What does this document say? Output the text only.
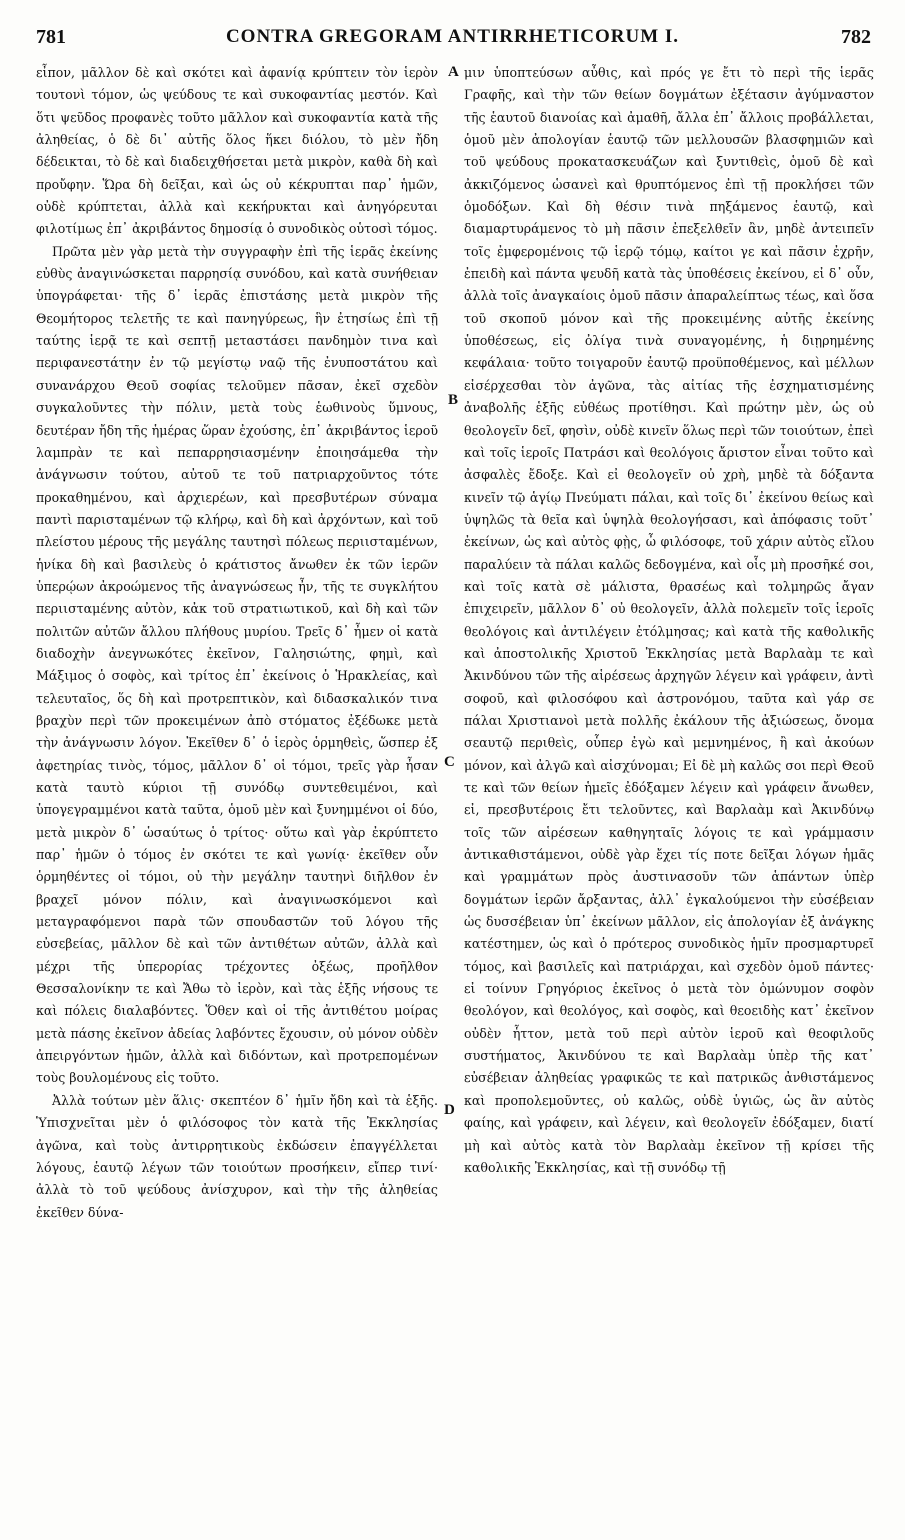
781	CONTRA GREGORAM ANTIRRHETICORUM I.	782

εἶπον, μᾶλλον δὲ καὶ σκότει καὶ ἀφανίᾳ κρύπτειν τὸν ἱερὸν τουτονὶ τόμον, ὡς ψεύδους τε καὶ συκοφαντίας μεστόν. Καὶ ὅτι ψεῦδος προφανὲς τοῦτο μᾶλλον καὶ συκοφαντία κατὰ τῆς ἀληθείας, ὁ δὲ δι᾽ αὐτῆς ὅλος ἥκει διόλου, τὸ μὲν ἤδη δέδεικται, τὸ δὲ καὶ διαδειχθήσεται μετὰ μικρὸν, καθὰ δὴ καὶ προὔφην. Ὥρα δὴ δεῖξαι, καὶ ὡς οὐ κέκρυπται παρ᾽ ἡμῶν, οὐδὲ κρύπτεται, ἀλλὰ καὶ κεκήρυκται καὶ ἀνηγόρευται φιλοτίμως ἐπ᾽ ἀκριβάντος δημοσίᾳ ὁ συνοδικὸς οὑτοσὶ τόμος.

Πρῶτα μὲν γὰρ μετὰ τὴν συγγραφὴν ἐπὶ τῆς ἱερᾶς ἐκείνης εὐθὺς ἀναγινώσκεται παρρησίᾳ συνόδου, καὶ κατὰ συνήθειαν ὑπογράφεται· τῆς δ᾽ ἱερᾶς ἐπιστάσης μετὰ μικρὸν τῆς Θεομήτορος τελετῆς τε καὶ πανηγύρεως, ἣν ἐτησίως ἐπὶ τῇ ταύτης ἱερᾷ τε καὶ σεπτῇ μεταστάσει πανδημὸν τινα καὶ περιφανεστάτην ἐν τῷ μεγίστῳ ναῷ τῆς ἐνυποστάτου καὶ συνανάρχου Θεοῦ σοφίας τελοῦμεν πᾶσαν, ἐκεῖ σχεδὸν συγκαλοῦντες τὴν πόλιν, μετὰ τοὺς ἑωθινοὺς ὕμνους, δευτέραν ἤδη τῆς ἡμέρας ὥραν ἐχούσης, ἐπ᾽ ἀκριβάντος ἱεροῦ λαμπρὰν τε καὶ πεπαρρησιασμένην ἐποιησάμεθα τὴν ἀνάγνωσιν τούτου, αὐτοῦ τε τοῦ πατριαρχοῦντος τότε προκαθημένου, καὶ ἀρχιερέων, καὶ πρεσβυτέρων σύναμα παντὶ παρισταμένων τῷ κλήρῳ, καὶ δὴ καὶ ἀρχόντων, καὶ τοῦ πλείστου μέρους τῆς μεγάλης ταυτησὶ πόλεως περιισταμένων, ἡνίκα δὴ καὶ βασιλεὺς ὁ κράτιστος ἄνωθεν ἐκ τῶν ἱερῶν ὑπερῴων ἀκροώμενος τῆς ἀναγνώσεως ἦν, τῆς τε συγκλήτου περιισταμένης αὐτὸν, κἀκ τοῦ στρατιωτικοῦ, καὶ δὴ καὶ τῶν πολιτῶν αὐτῶν ἄλλου πλήθους μυρίου. Τρεῖς δ᾽ ἦμεν οἱ κατὰ διαδοχὴν ἀνεγνωκότες ἐκεῖνον, Γαλησιώτης, φημὶ, καὶ Μάξιμος ὁ σοφὸς, καὶ τρίτος ἐπ᾽ ἐκείνοις ὁ Ἡρακλείας, καὶ τελευταῖος, ὅς δὴ καὶ προτρεπτικὸν, καὶ διδασκαλικόν τινα βραχὺν περὶ τῶν προκειμένων ἀπὸ στόματος ἐξέδωκε μετὰ τὴν ἀνάγνωσιν λόγον. Ἐκεῖθεν δ᾽ ὁ ἱερὸς ὁρμηθεὶς, ὥσπερ ἐξ ἀφετηρίας τινὸς, τόμος, μᾶλλον δ᾽ οἱ τόμοι, τρεῖς γὰρ ἦσαν κατὰ ταυτὸ κύριοι τῇ συνόδῳ συντεθειμένοι, καὶ ὑπογεγραμμένοι κατὰ ταῦτα, ὁμοῦ μὲν καὶ ξυνημμένοι οἱ δύο, μετὰ μικρὸν δ᾽ ὡσαύτως ὁ τρίτος· οὕτω καὶ γὰρ ἐκρύπτετο παρ᾽ ἡμῶν ὁ τόμος ἐν σκότει τε καὶ γωνίᾳ· ἐκεῖθεν οὖν ὁρμηθέντες οἱ τόμοι, οὐ τὴν μεγάλην ταυτηνὶ διῆλθον ἐν βραχεῖ μόνον πόλιν, καὶ ἀναγινωσκόμενοι καὶ μεταγραφόμενοι παρὰ τῶν σπουδαστῶν τοῦ λόγου τῆς εὐσεβείας, μᾶλλον δὲ καὶ τῶν ἀντιθέτων αὐτῶν, ἀλλὰ καὶ μέχρι τῆς ὑπερορίας τρέχοντες ὀξέως, προῆλθον Θεσσαλονίκην τε καὶ Ἄθω τὸ ἱερὸν, καὶ τὰς ἑξῆς νήσους τε καὶ πόλεις διαλαβόντες. Ὅθεν καὶ οἱ τῆς ἀντιθέτου μοίρας μετὰ πάσης ἐκεῖνον ἀδείας λαβόντες ἔχουσιν, οὐ μόνον οὐδὲν ἀπειργόντων ἡμῶν, ἀλλὰ καὶ διδόντων, καὶ προτρεπομένων τοὺς βουλομένους εἰς τοῦτο.

Ἀλλὰ τούτων μὲν ἅλις· σκεπτέον δ᾽ ἡμῖν ἤδη καὶ τὰ ἑξῆς. Ὑπισχνεῖται μὲν ὁ φιλόσοφος τὸν κατὰ τῆς Ἐκκλησίας ἀγῶνα, καὶ τοὺς ἀντιρρητικοὺς ἐκδώσειν ἐπαγγέλλεται λόγους, ἑαυτῷ λέγων τῶν τοιούτων προσήκειν, εἴπερ τινί· ἀλλὰ τὸ τοῦ ψεύδους ἀνίσχυρον, καὶ τὴν τῆς ἀληθείας ἐκεῖθεν δύνα-

A
B
C
D

μιν ὑποπτεύσων αὖθις, καὶ πρός γε ἔτι τὸ περὶ τῆς ἱερᾶς Γραφῆς, καὶ τὴν τῶν θείων δογμάτων ἐξέτασιν ἀγύμναστον τῆς ἑαυτοῦ διανοίας καὶ ἀμαθῆ, ἄλλα ἐπ᾽ ἄλλοις προβάλλεται, ὁμοῦ μὲν ἀπολογίαν ἑαυτῷ τῶν μελλουσῶν βλασφημιῶν καὶ τοῦ ψεύδους προκατασκευάζων καὶ ξυντιθεὶς, ὁμοῦ δὲ καὶ ἀκκιζόμενος ὡσανεὶ καὶ θρυπτόμενος ἐπὶ τῇ προκλήσει τῶν ὁμοδόξων. Καὶ δὴ θέσιν τινὰ πηξάμενος ἑαυτῷ, καὶ διαμαρτυράμενος τὸ μὴ πᾶσιν ἐπεξελθεῖν ἂν, μηδὲ ἀντειπεῖν τοῖς ἐμφερομένοις τῷ ἱερῷ τόμῳ, καίτοι γε καὶ πᾶσιν ἐχρῆν, ἐπειδὴ καὶ πάντα ψευδῆ κατὰ τὰς ὑποθέσεις ἐκείνου, εἰ δ᾽ οὖν, ἀλλὰ τοῖς ἀναγκαίοις ὁμοῦ πᾶσιν ἀπαραλείπτως τέως, καὶ ὅσα τοῦ σκοποῦ μόνον καὶ τῆς προκειμένης αὐτῆς ἐκείνης ὑποθέσεως, εἰς ὀλίγα τινὰ συναγομένης, ἡ διῃρημένης κεφάλαια· τοῦτο τοιγαροῦν ἑαυτῷ προϋποθέμενος, καὶ μέλλων εἰσέρχεσθαι τὸν ἀγῶνα, τὰς αἰτίας τῆς ἐσχηματισμένης ἀναβολῆς ἑξῆς εὐθέως προτίθησι. Καὶ πρώτην μὲν, ὡς οὐ θεολογεῖν δεῖ, φησὶν, οὐδὲ κινεῖν ὅλως περὶ τῶν τοιούτων, ἐπεὶ καὶ τοῖς ἱεροῖς Πατράσι καὶ θεολόγοις ἄριστον εἶναι τοῦτο καὶ ἀσφαλὲς ἔδοξε. Καὶ εἰ θεολογεῖν οὐ χρὴ, μηδὲ τὰ δόξαντα κινεῖν τῷ ἁγίῳ Πνεύματι πάλαι, καὶ τοῖς δι᾽ ἐκείνου θείως καὶ ὑψηλῶς τὰ θεῖα καὶ ὑψηλὰ θεολογήσασι, καὶ ἀπόφασις τοῦτ᾽ ἐκείνων, ὡς καὶ αὐτὸς φῂς, ὦ φιλόσοφε, τοῦ χάριν αὐτὸς εἴλου παραλύειν τὰ πάλαι καλῶς δεδογμένα, καὶ οἷς μὴ προσῆκέ σοι, καὶ τοῖς κατὰ σὲ μάλιστα, θρασέως καὶ τολμηρῶς ἄγαν ἐπιχειρεῖν, μᾶλλον δ᾽ οὐ θεολογεῖν, ἀλλὰ πολεμεῖν τοῖς ἱεροῖς θεολόγοις καὶ ἀντιλέγειν ἐτόλμησας; καὶ κατὰ τῆς καθολικῆς καὶ ἀποστολικῆς Χριστοῦ Ἐκκλησίας μετὰ Βαρλαὰμ τε καὶ Ἀκινδύνου τῶν τῆς αἱρέσεως ἀρχηγῶν λέγειν καὶ γράφειν, ἀντὶ σοφοῦ, καὶ φιλοσόφου καὶ ἀστρονόμου, ταῦτα καὶ γάρ σε πάλαι Χριστιανοὶ μετὰ πολλῆς ἐκάλουν τῆς ἀξιώσεως, ὄνομα σεαυτῷ περιθεὶς, οὗπερ ἐγὼ καὶ μεμνημένος, ἢ καὶ ἀκούων μόνον, καὶ ἀλγῶ καὶ αἰσχύνομαι; Εἰ δὲ μὴ καλῶς σοι περὶ Θεοῦ τε καὶ τῶν θείων ἡμεῖς ἐδόξαμεν λέγειν καὶ γράφειν ἄνωθεν, εἰ, πρεσβυτέροις ἔτι τελοῦντες, καὶ Βαρλαὰμ καὶ Ἀκινδύνῳ τοῖς τῶν αἱρέσεων καθηγηταῖς λόγοις τε καὶ γράμμασιν ἀντικαθιστάμενοι, οὐδὲ γὰρ ἔχει τίς ποτε δεῖξαι λόγων ἡμᾶς καὶ γραμμάτων πρὸς ἀυστινασοῦν τῶν ἁπάντων ὑπὲρ δογμάτων ἱερῶν ἄρξαντας, ἀλλ᾽ ἐγκαλούμενοι τὴν εὐσέβειαν ὡς δυσσέβειαν ὑπ᾽ ἐκείνων μᾶλλον, εἰς ἀπολογίαν ἐξ ἀνάγκης κατέστημεν, ὡς καὶ ὁ πρότερος συνοδικὸς ἡμῖν προσμαρτυρεῖ τόμος, καὶ βασιλεῖς καὶ πατριάρχαι, καὶ σχεδὸν ὁμοῦ πάντες· εἰ τοίνυν Γρηγόριος ἐκεῖνος ὁ μετὰ τὸν ὁμώνυμον σοφὸν θεολόγον, καὶ θεολόγος, καὶ σοφὸς, καὶ θεοειδὴς κατ᾽ ἐκεῖνον οὐδὲν ἧττον, μετὰ τοῦ περὶ αὐτὸν ἱεροῦ καὶ θεοφιλοῦς συστήματος, Ἀκινδύνου τε καὶ Βαρλαὰμ ὑπὲρ τῆς κατ᾽ εὐσέβειαν ἀληθείας γραφικῶς τε καὶ πατρικῶς ἀνθιστάμενος καὶ προπολεμοῦντες, οὐ καλῶς, οὐδὲ ὑγιῶς, ὡς ἂν αὐτὸς φαίης, καὶ γράφειν, καὶ λέγειν, καὶ θεολογεῖν ἐδόξαμεν, διατί μὴ καὶ αὐτὸς κατὰ τὸν Βαρλαὰμ ἐκεῖνον τῇ κρίσει τῆς καθολικῆς Ἐκκλησίας, καὶ τῇ συνόδῳ τῇ
